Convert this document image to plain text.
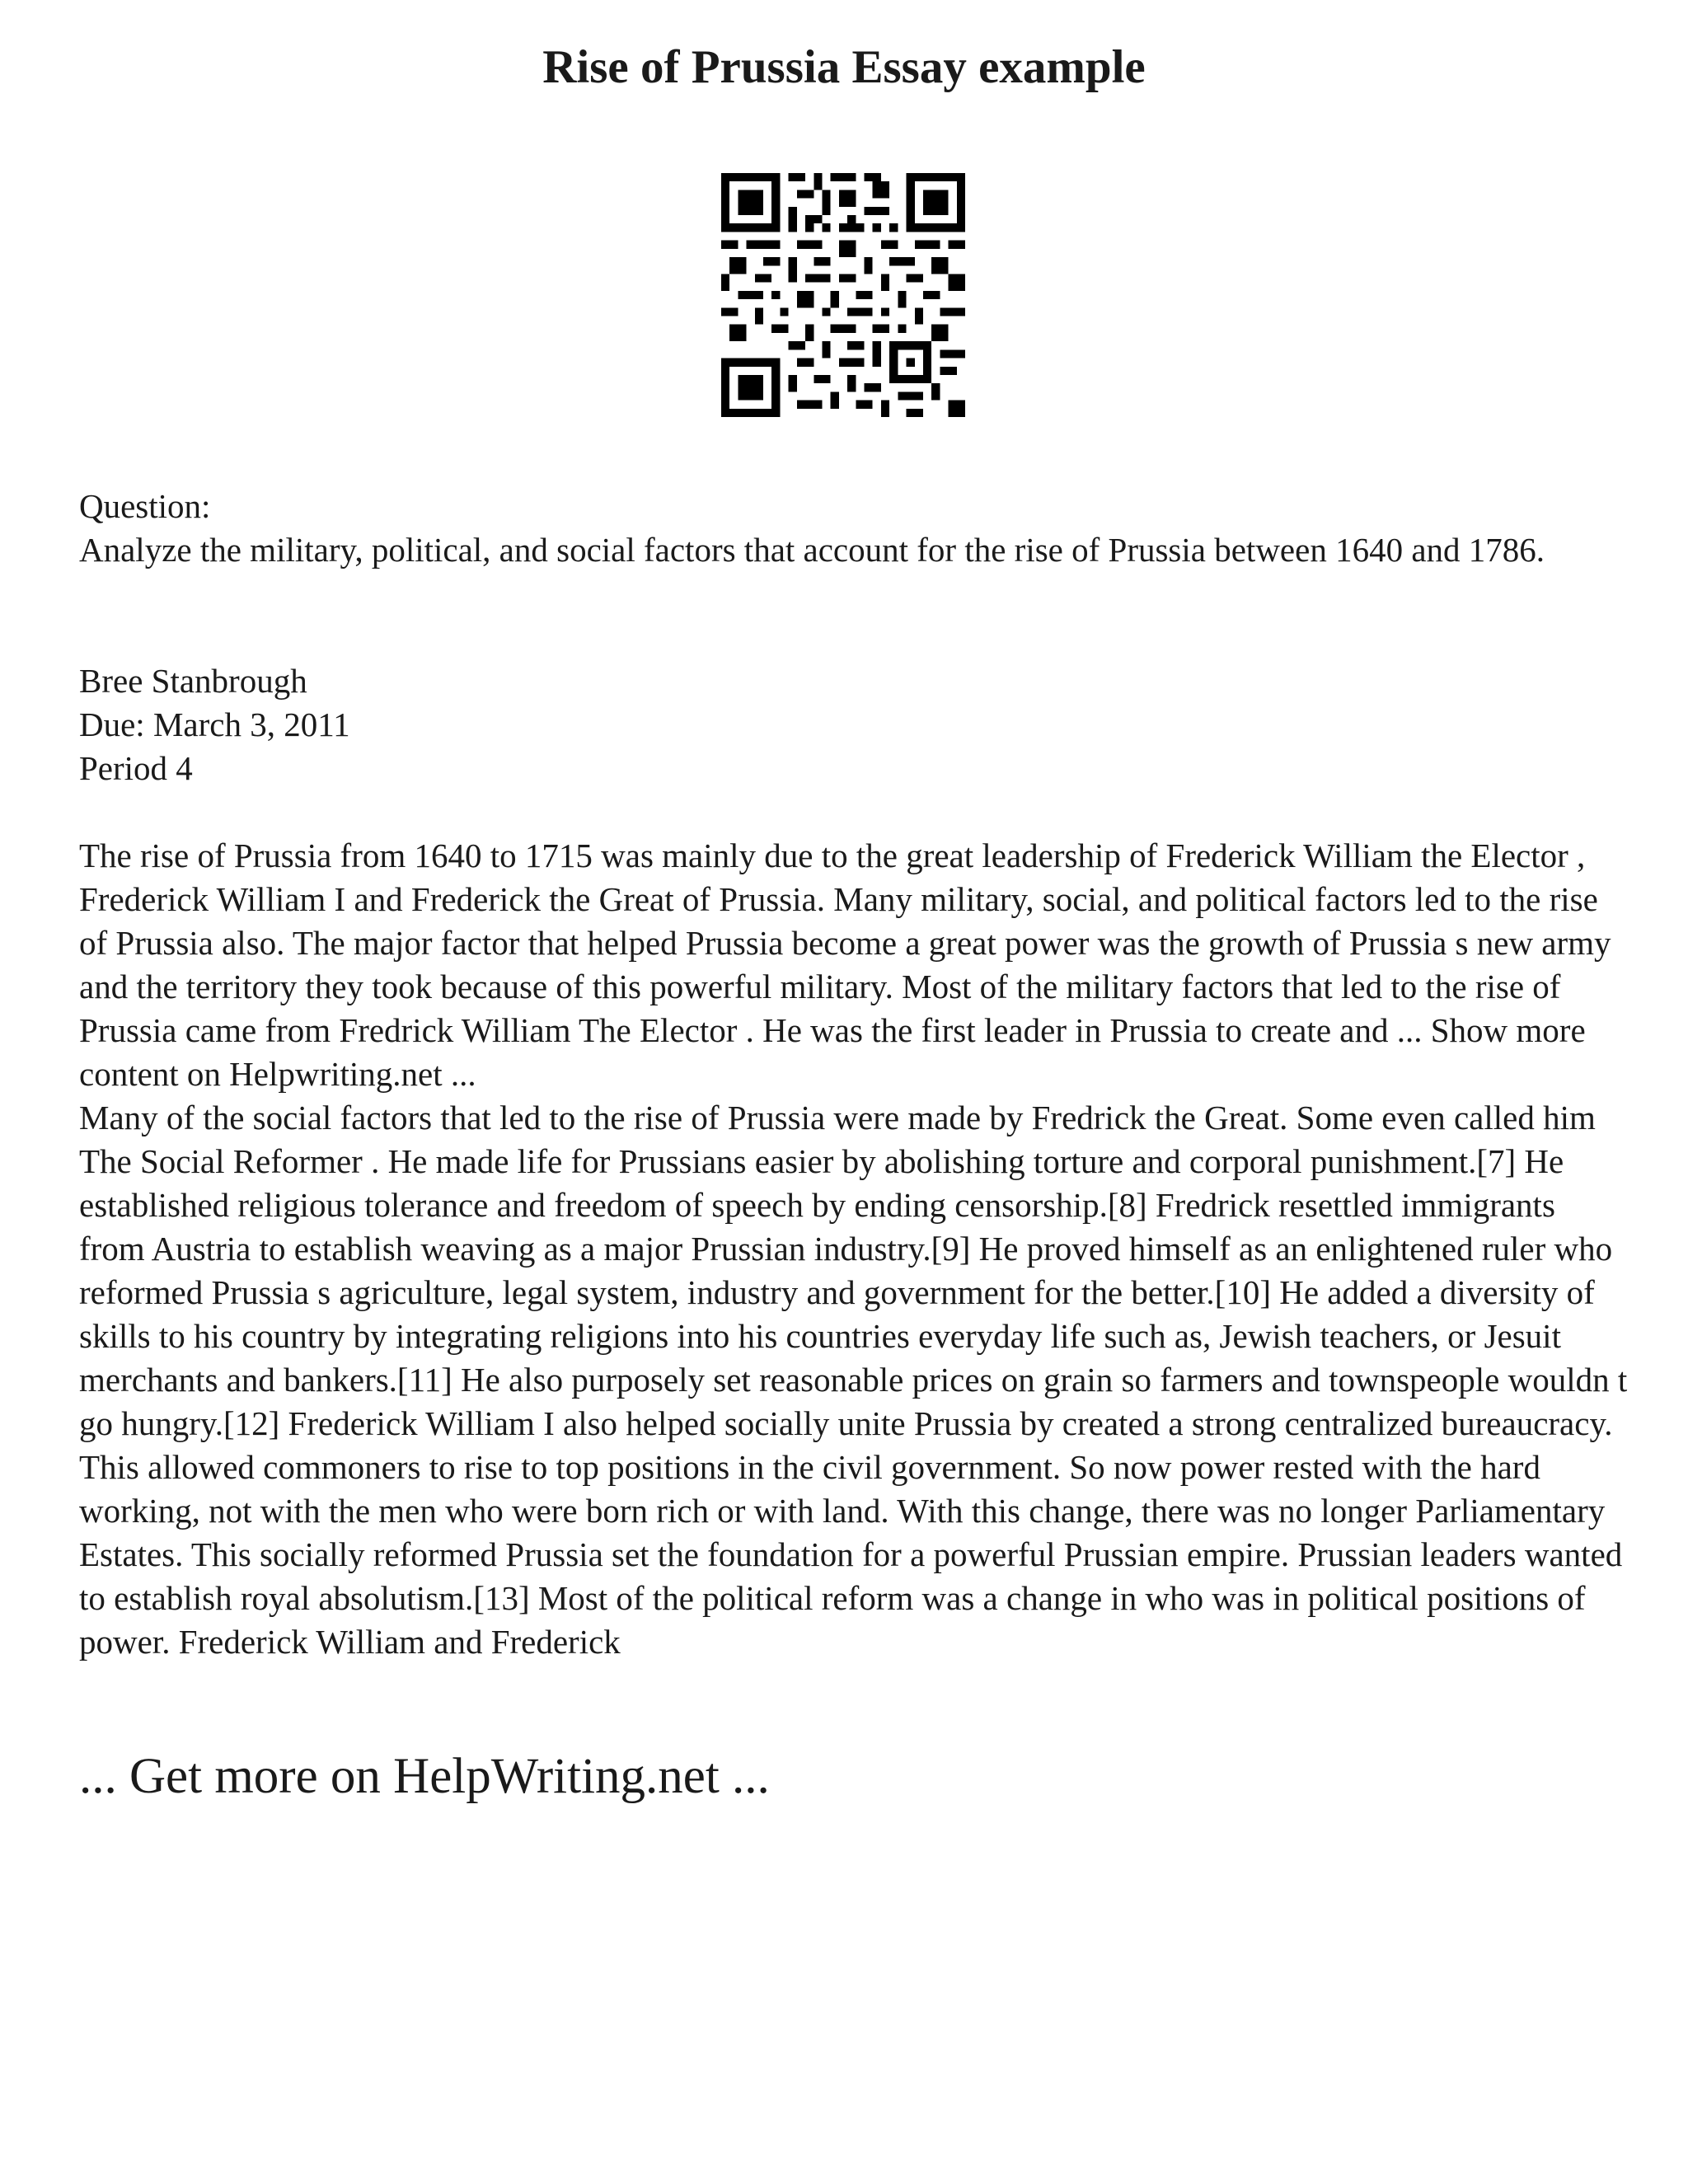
Rise of Prussia Essay example

Question:

Analyze the military, political, and social factors that account for the rise of Prussia between 1640 and 1786.

Bree Stanbrough

Due: March 3, 2011

Period 4

The rise of Prussia from 1640 to 1715 was mainly due to the great leadership of Frederick William the Elector , Frederick William I and Frederick the Great of Prussia. Many military, social, and political factors led to the rise of Prussia also. The major factor that helped Prussia become a great power was the growth of Prussia s new army and the territory they took because of this powerful military. Most of the military factors that led to the rise of Prussia came from Fredrick William The Elector . He was the first leader in Prussia to create and ... Show more content on Helpwriting.net ...

Many of the social factors that led to the rise of Prussia were made by Fredrick the Great. Some even called him The Social Reformer . He made life for Prussians easier by abolishing torture and corporal punishment.[7] He established religious tolerance and freedom of speech by ending censorship.[8] Fredrick resettled immigrants from Austria to establish weaving as a major Prussian industry.[9] He proved himself as an enlightened ruler who reformed Prussia s agriculture, legal system, industry and government for the better.[10] He added a diversity of skills to his country by integrating religions into his countries everyday life such as, Jewish teachers, or Jesuit merchants and bankers.[11] He also purposely set reasonable prices on grain so farmers and townspeople wouldn t go hungry.[12] Frederick William I also helped socially unite Prussia by created a strong centralized bureaucracy. This allowed commoners to rise to top positions in the civil government. So now power rested with the hard working, not with the men who were born rich or with land. With this change, there was no longer Parliamentary Estates. This socially reformed Prussia set the foundation for a powerful Prussian empire. Prussian leaders wanted to establish royal absolutism.[13] Most of the political reform was a change in who was in political positions of power. Frederick William and Frederick

... Get more on HelpWriting.net ...
